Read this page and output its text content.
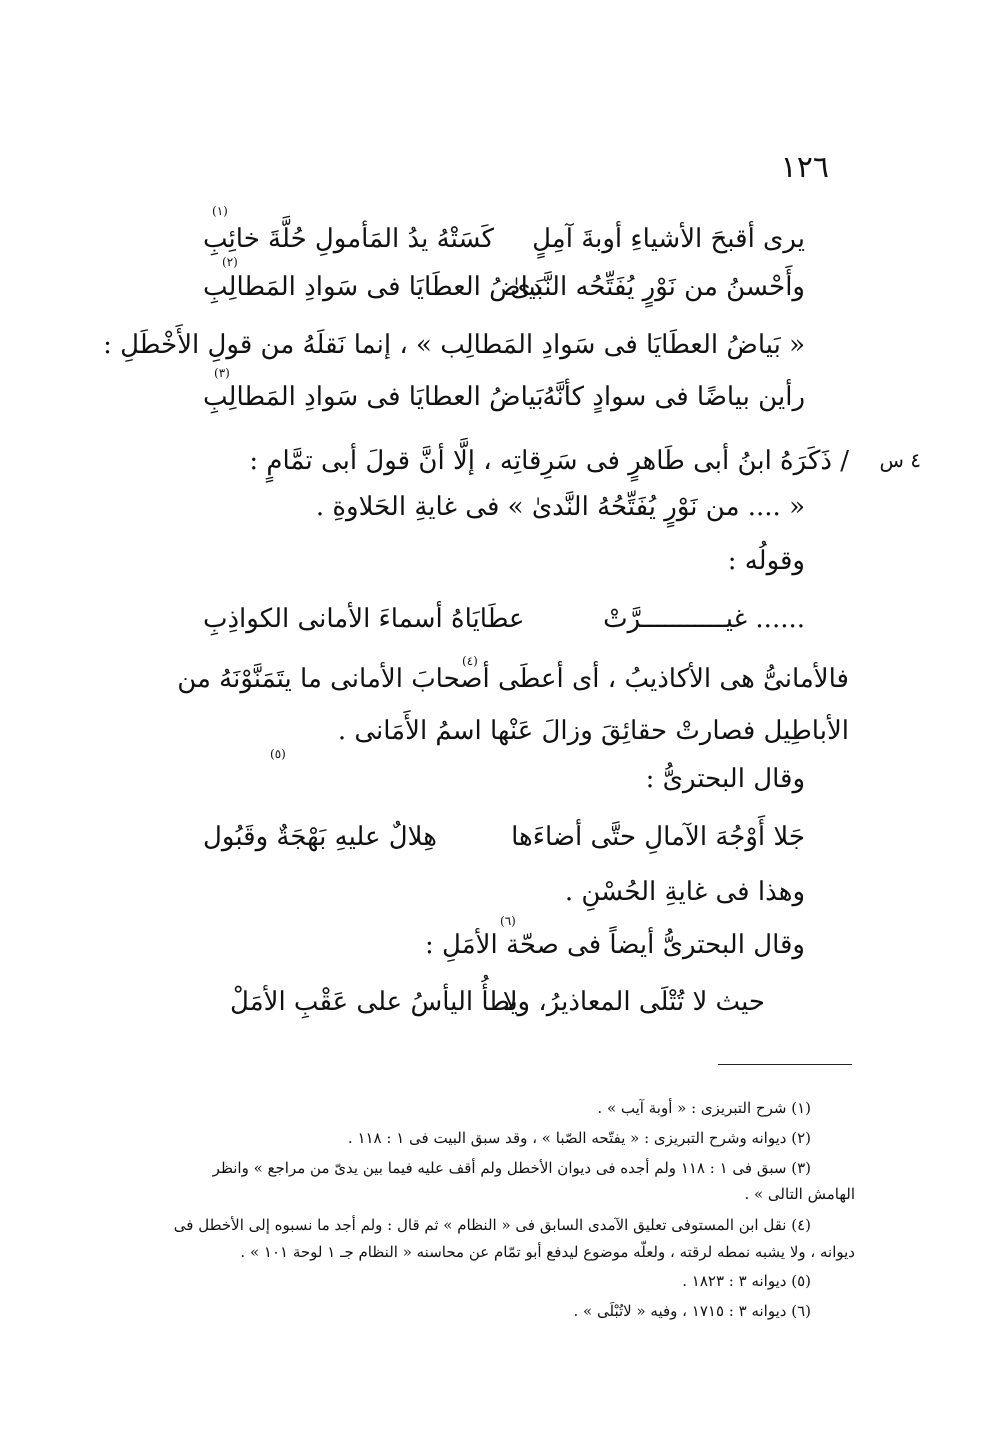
١٢٦
يرى أقبحَ الأشياءِ أوبةَ آمِلٍ
كَسَتْهُ يدُ المَأمولِ حُلَّةَ خائِبِ
(١)
وأَحْسنُ من نَوْرٍ يُفَتِّحُه النَّدىٰ
بَياضُ العطَايَا فى سَوادِ المَطالِبِ
(٢)
« بَياضُ العطَايَا فى سَوادِ المَطالِب » ، إنما نَقلَهُ من قولِ الأَخْطَلِ :
رأين بياضًا فى سوادٍ كأنَّهُ
بَياضُ العطايَا فى سَوادِ المَطالِبِ
(٣)
٤ س
/ ذَكَرَهُ ابنُ أبى طَاهرٍ فى سَرِقاتِه ، إلَّا أنَّ قولَ أبى تمَّامٍ :
(٤)
« .... من نَوْرٍ يُفَتِّحُهُ النَّدىٰ » فى غايةِ الحَلاوةِ .
وقولُه :
...... غيـــــــــــرَّتْ
عطَايَاهُ أسماءَ الأمانى الكواذِبِ
فالأمانىُّ هى الأكاذيبُ ، أى أعطَى أصحابَ الأمانى ما يتَمَنَّوْنَهُ من
الأباطِيل فصارتْ حقائِقَ وزالَ عَنْها اسمُ الأَمَانى .
وقال البحترىُّ :
(٥)
جَلا أَوْجُهَ الآمالِ حتَّى أضاءَها
هِلالٌ عليهِ بَهْجَةٌ وقَبُول
وهذا فى غايةِ الحُسْنِ .
وقال البحترىُّ أيضاً فى صحّة الأمَلِ :
(٦)
حيث لا تُتْلَى المعاذيرُ، ولا
يطأُ اليأسُ على عَقْبِ الأمَلْ
(١) شرح التبريزى : « أوبة آيب » .
(٢) ديوانه وشرح التبريزى : « يفتّحه الصّبا » ، وقد سبق البيت فى ١ : ١١٨ .
(٣) سبق فى ١ : ١١٨ ولم أجده فى ديوان الأخطل ولم أقف عليه فيما بين يدىّ من مراجع » وانظر
الهامش التالى » .
(٤) نقل ابن المستوفى تعليق الآمدى السابق فى « النظام » ثم قال : ولم أجد ما نسبوه إلى الأخطل فى
ديوانه ، ولا يشبه نمطه لرقته ، ولعلّه موضوع ليدفع أبو تمّام عن محاسنه « النظام جـ ١ لوحة ١٠١ » .
(٥) ديوانه ٣ : ١٨٢٣ .
(٦) ديوانه ٣ : ١٧١٥ ، وفيه « لاتُبْلَى » .
